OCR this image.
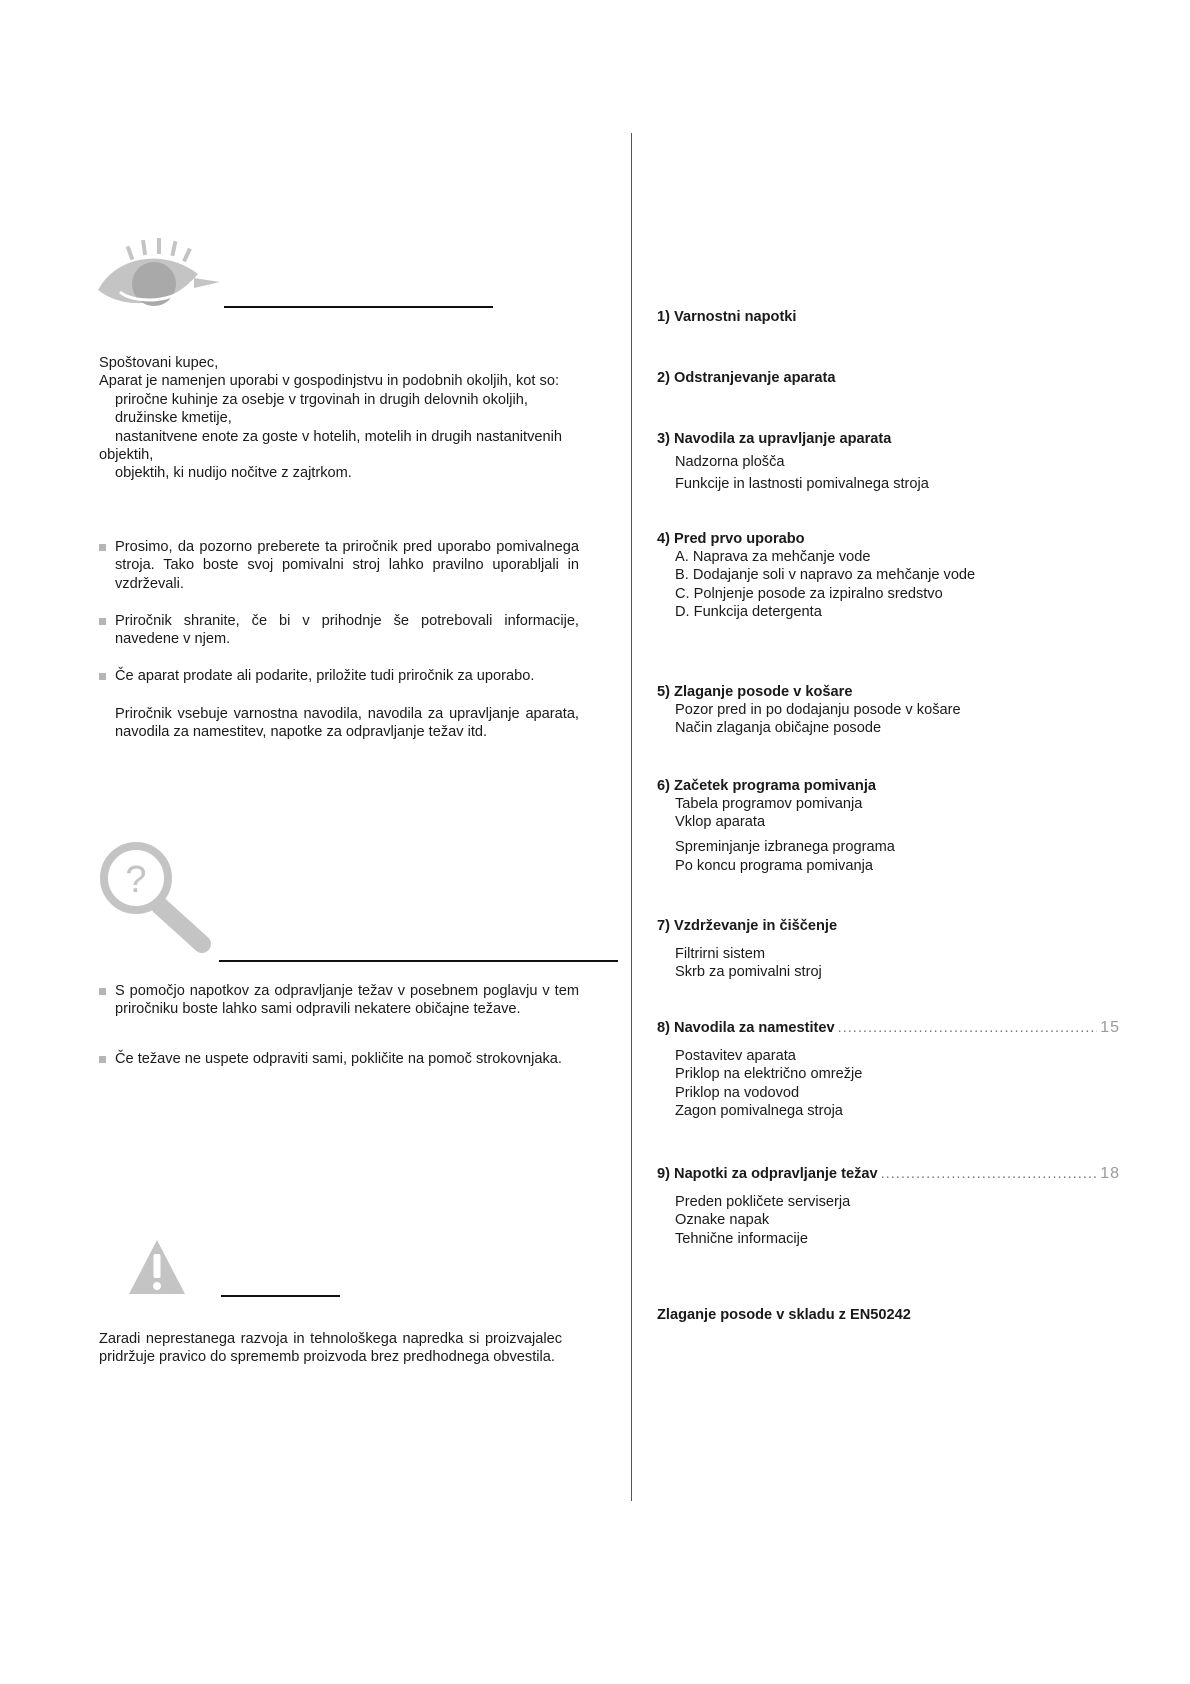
Spoštovani kupec,

Aparat je namenjen uporabi v gospodinjstvu in podobnih okoljih, kot so:

priročne kuhinje za osebje v trgovinah in drugih delovnih okoljih,

družinske kmetije,

nastanitvene enote za goste v hotelih, motelih in drugih nastanitvenih objektih,

objektih, ki nudijo nočitve z zajtrkom.

Prosimo, da pozorno preberete ta priročnik pred uporabo pomivalnega stroja. Tako boste svoj pomivalni stroj lahko pravilno uporabljali in vzdrževali.
Priročnik shranite, če bi v prihodnje še potrebovali informacije, navedene v njem.
Če aparat prodate ali podarite, priložite tudi priročnik za uporabo.
Priročnik vsebuje varnostna navodila, navodila za upravljanje aparata, navodila za namestitev, napotke za odpravljanje težav itd.
?
S pomočjo napotkov za odpravljanje težav v posebnem poglavju v tem priročniku boste lahko sami odpravili nekatere običajne težave.
Če težave ne uspete odpraviti sami, pokličite na pomoč strokovnjaka.
Zaradi neprestanega razvoja in tehnološkega napredka si proizvajalec pridržuje pravico do sprememb proizvoda brez predhodnega obvestila.
1) Varnostni napotki
2) Odstranjevanje aparata
3) Navodila za upravljanje aparata
Nadzorna plošča
Funkcije in lastnosti pomivalnega stroja
4) Pred prvo uporabo
A. Naprava za mehčanje vode
B. Dodajanje soli v napravo za mehčanje vode
C. Polnjenje posode za izpiralno sredstvo
D. Funkcija detergenta
5) Zlaganje posode v košare
Pozor pred in po dodajanju posode v košare
Način zlaganja običajne posode
6) Začetek programa pomivanja
Tabela programov pomivanja
Vklop aparata
Spreminjanje izbranega programa
Po koncu programa pomivanja
7) Vzdrževanje in čiščenje
Filtrirni sistem
Skrb za pomivalni stroj
8) Navodila za namestitev .....	15
Postavitev aparata
Priklop na električno omrežje
Priklop na vodovod
Zagon pomivalnega stroja
9) Napotki za odpravljanje težav .....	18
Preden pokličete serviserja
Oznake napak
Tehnične informacije
Zlaganje posode v skladu z EN50242
